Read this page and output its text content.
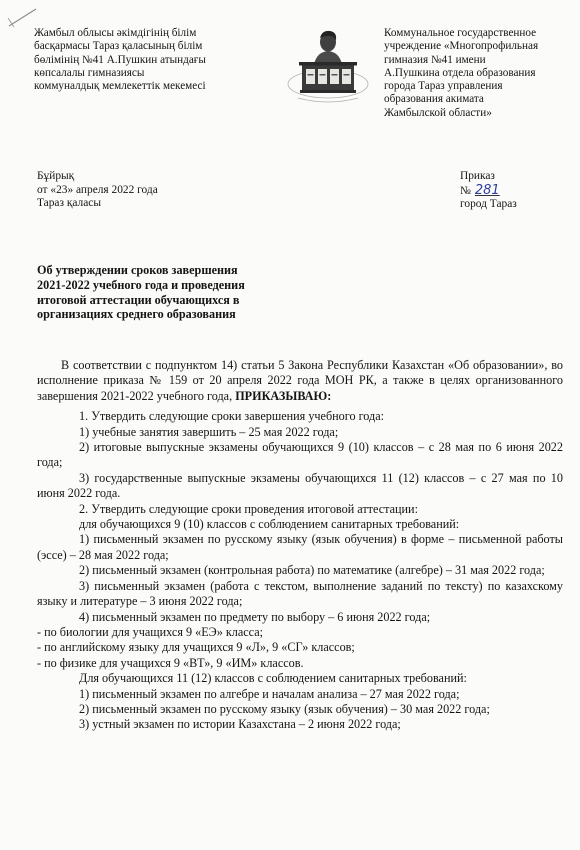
Жамбыл облысы әкімдігінің білім
басқармасы Тараз қаласының білім
бөлімінің №41 А.Пушкин атындағы
көпсалалы гимназиясы
коммуналдық мемлекеттік мекемесі
Коммунальное государственное
учреждение «Многопрофильная
гимназия №41 имени
А.Пушкина отдела образования
города Тараз управления
образования акимата
Жамбылской области»
Бұйрық
от «23» апреля 2022 года
Тараз қаласы
Приказ
№ 281
город Тараз
Об утверждении сроков завершения
2021-2022 учебного года и проведения
итоговой аттестации обучающихся в
организациях среднего образования

В соответствии с подпунктом 14) статьи 5 Закона Республики Казахстан «Об образовании», во исполнение приказа № 159 от 20 апреля 2022 года МОН РК, а также в целях организованного завершения 2021-2022 учебного года, ПРИКАЗЫВАЮ:

1. Утвердить следующие сроки завершения учебного года:

1) учебные занятия завершить – 25 мая 2022 года;

2) итоговые выпускные экзамены обучающихся 9 (10) классов – с 28 мая по 6 июня 2022 года;

3) государственные выпускные экзамены обучающихся 11 (12) классов – с 27 мая по 10 июня 2022 года.

2. Утвердить следующие сроки проведения итоговой аттестации:

для обучающихся 9 (10) классов с соблюдением санитарных требований:

1) письменный экзамен по русскому языку (язык обучения) в форме – письменной работы (эссе) – 28 мая 2022 года;

2) письменный экзамен (контрольная работа) по математике (алгебре) – 31 мая 2022 года;

3) письменный экзамен (работа с текстом, выполнение заданий по тексту) по казахскому языку и литературе – 3 июня 2022 года;

4) письменный экзамен по предмету по выбору – 6 июня 2022 года;

- по биологии для учащихся 9 «ЕЭ» класса;

- по английскому языку для учащихся 9 «Л», 9 «СГ» классов;

- по физике для учащихся 9 «ВТ», 9 «ИМ» классов.

Для обучающихся 11 (12) классов с соблюдением санитарных требований:

1) письменный экзамен по алгебре и началам анализа – 27 мая 2022 года;

2) письменный экзамен по русскому языку (язык обучения) – 30 мая 2022 года;

3) устный экзамен по истории Казахстана – 2 июня 2022 года;
